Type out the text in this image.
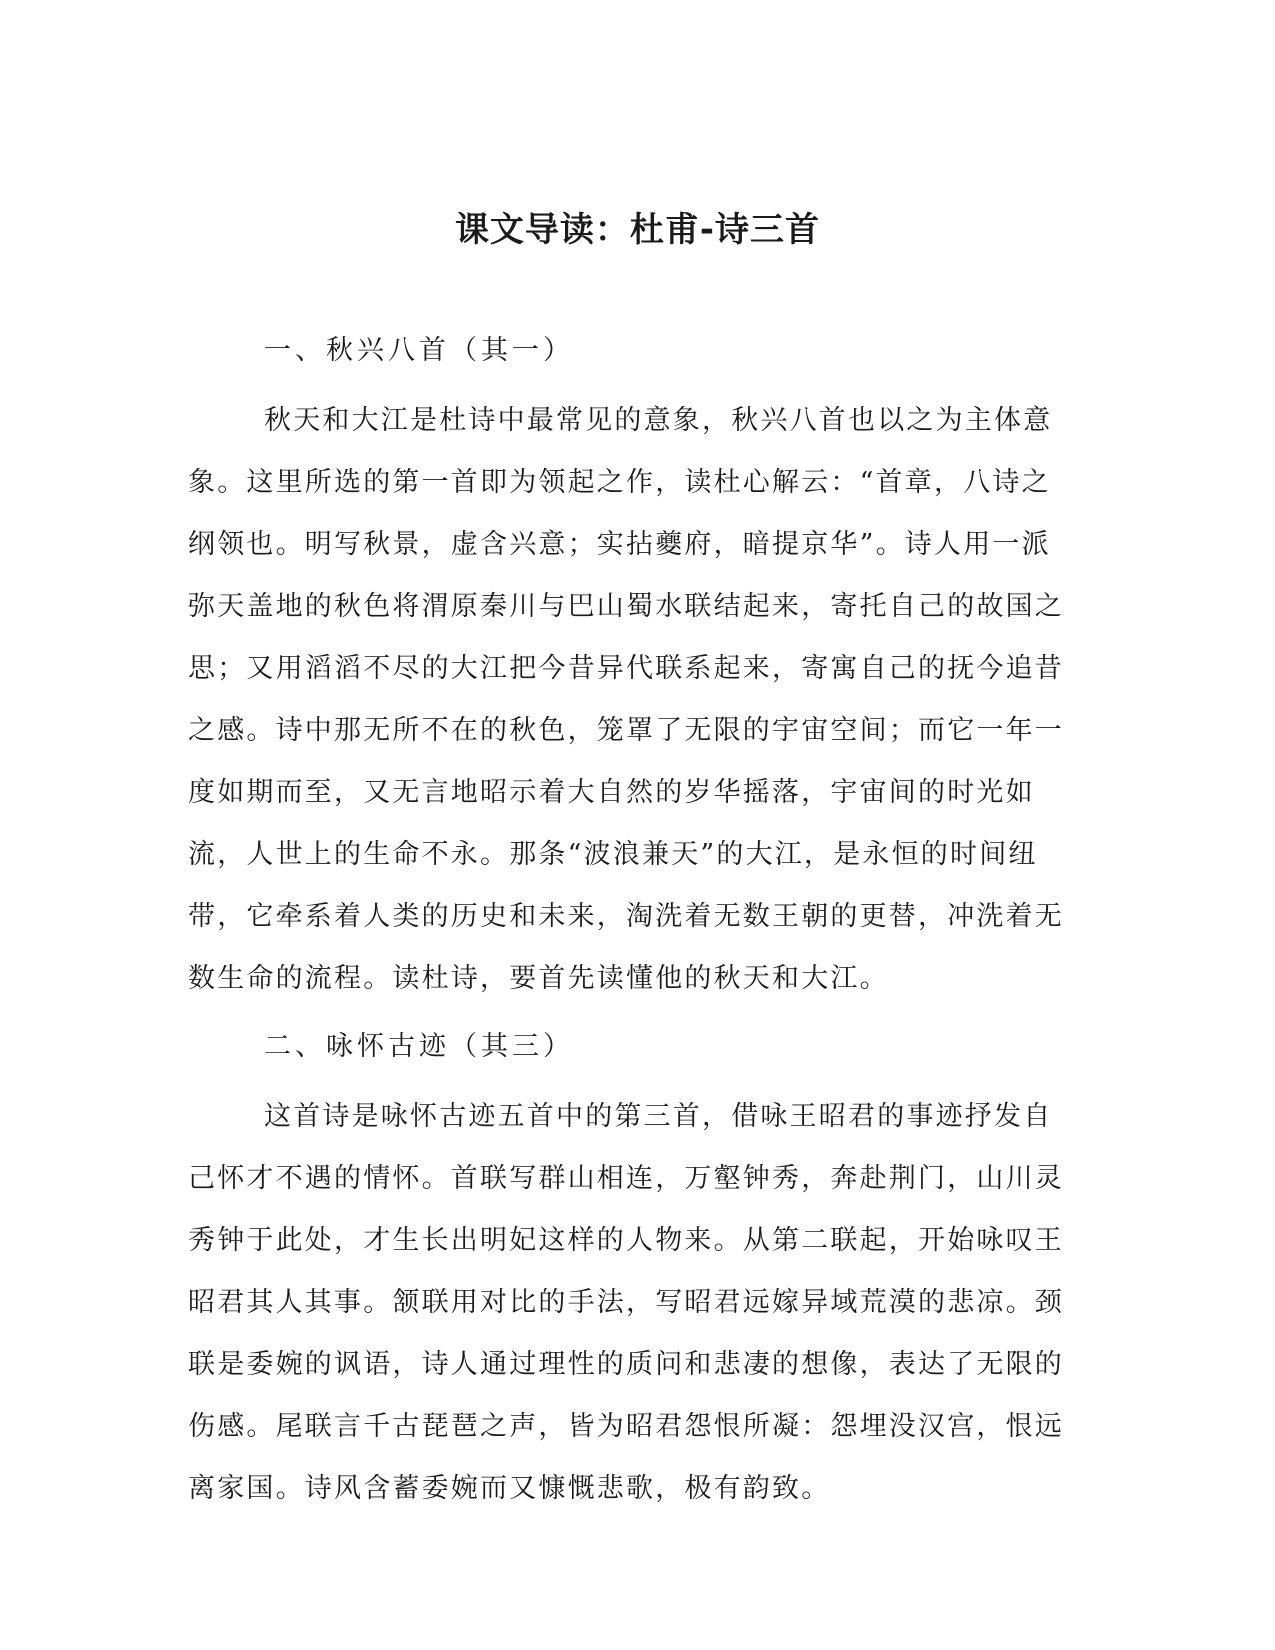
课文导读：杜甫-诗三首
一、秋兴八首（其一）

秋天和大江是杜诗中最常见的意象，秋兴八首也以之为主体意象。这里所选的第一首即为领起之作，读杜心解云：“首章，八诗之纲领也。明写秋景，虚含兴意；实拈夔府，暗提京华”。诗人用一派弥天盖地的秋色将渭原秦川与巴山蜀水联结起来，寄托自己的故国之思；又用滔滔不尽的大江把今昔异代联系起来，寄寓自己的抚今追昔之感。诗中那无所不在的秋色，笼罩了无限的宇宙空间；而它一年一度如期而至，又无言地昭示着大自然的岁华摇落，宇宙间的时光如流，人世上的生命不永。那条“波浪兼天”的大江，是永恒的时间纽带，它牵系着人类的历史和未来，淘洗着无数王朝的更替，冲洗着无数生命的流程。读杜诗，要首先读懂他的秋天和大江。

二、咏怀古迹（其三）

这首诗是咏怀古迹五首中的第三首，借咏王昭君的事迹抒发自己怀才不遇的情怀。首联写群山相连，万壑钟秀，奔赴荆门，山川灵秀钟于此处，才生长出明妃这样的人物来。从第二联起，开始咏叹王昭君其人其事。颔联用对比的手法，写昭君远嫁异域荒漠的悲凉。颈联是委婉的讽语，诗人通过理性的质问和悲凄的想像，表达了无限的伤感。尾联言千古琵琶之声，皆为昭君怨恨所凝：怨埋没汉宫，恨远离家国。诗风含蓄委婉而又慷慨悲歌，极有韵致。
